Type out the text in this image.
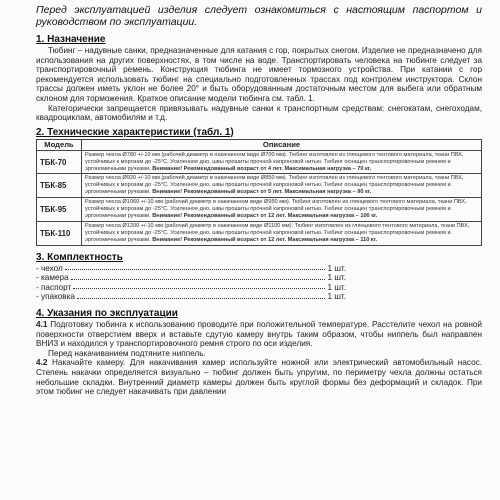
Перед эксплуатацией изделия следует ознакомиться с настоящим паспортом и руководством по эксплуатации.

1. Назначение

Тюбинг – надувные санки, предназначенные для катания с гор, покрытых снегом. Изделие не предназначено для использования на других поверхностях, в том числе на воде. Транспортировать человека на тюбинге следует за транспортировочный ремень. Конструкция тюбинга не имеет тормозного устройства. При катании с гор рекомендуется использовать тюбинг на специально подготовленных трассах под контролем инструктора. Склон трассы должен иметь уклон не более 20° и быть оборудованным достаточным местом для выбега или обратным склоном для торможения. Краткое описание модели тюбинга см. табл. 1.

Категорически запрещается привязывать надувные санки к транспортным средствам: снегокатам, снегоходам, квадроциклам, автомобилям и т.д.

2. Технические характеристики (табл. 1)
Модель	Описание
ТБК-70	Размер чехла Ø780 +/-10 мм (рабочий диаметр в накачанном виде Ø700 мм). Тюбинг изготовлен из глянцевого тентового материала, ткани ПВХ, устойчивых к морозам до -25°С. Усиленное дно, швы прошиты прочной капроновой нитью. Тюбинг оснащен транспортировочным ремнем и эргономичными ручками. Внимание! Рекомендованный возраст от 4 лет. Максимальная нагрузка – 70 кг.
ТБК-85	Размер чехла Ø920 +/-10 мм (рабочий диаметр в накачанном виде Ø850 мм). Тюбинг изготовлен из глянцевого тентового материала, ткани ПВХ, устойчивых к морозам до -25°С. Усиленное дно, швы прошиты прочной капроновой нитью. Тюбинг оснащен транспортировочным ремнем и эргономичными ручками. Внимание! Рекомендованный возраст от 5 лет. Максимальная нагрузка – 90 кг.
ТБК-95	Размер чехла Ø1060 +/-10 мм (рабочий диаметр в накачанном виде Ø950 мм). Тюбинг изготовлен из глянцевого тентового материала, ткани ПВХ, устойчивых к морозам до -25°С. Усиленное дно, швы прошиты прочной капроновой нитью. Тюбинг оснащен транспортировочным ремнем и эргономичными ручками. Внимание! Рекомендованный возраст от 12 лет. Максимальная нагрузка – 100 кг.
ТБК-110	Размер чехла Ø1200 +/-10 мм (рабочий диаметр в накачанном виде Ø1100 мм). Тюбинг изготовлен из глянцевого тентового материала, ткани ПВХ, устойчивых к морозам до -25°С. Усиленное дно, швы прошиты прочной капроновой нитью. Тюбинг оснащен транспортировочным ремнем и эргономичными ручками. Внимание! Рекомендованный возраст от 12 лет. Максимальная нагрузка – 110 кг.
3. Комплектность
- чехол	1 шт.
- камера	1 шт.
- паспорт	1 шт.
- упаковка	1 шт.
4. Указания по эксплуатации

4.1 Подготовку тюбинга к использованию проводите при положительной температуре. Расстелите чехол на ровной поверхности отверстием вверх и вставьте сдутую камеру внутрь таким образом, чтобы ниппель был направлен ВНИЗ и находился у транспортировочного ремня строго по оси изделия.

Перед накачиванием подтяните ниппель.

4.2 Накачайте камеру. Для накачивания камер используйте ножной или электрический автомобильный насос. Степень накачки определяется визуально – тюбинг должен быть упругим, по периметру чехла должны остаться небольшие складки. Внутренний диаметр камеры должен быть круглой формы без деформаций и складок. При этом тюбинг не следует накачивать при давлении
